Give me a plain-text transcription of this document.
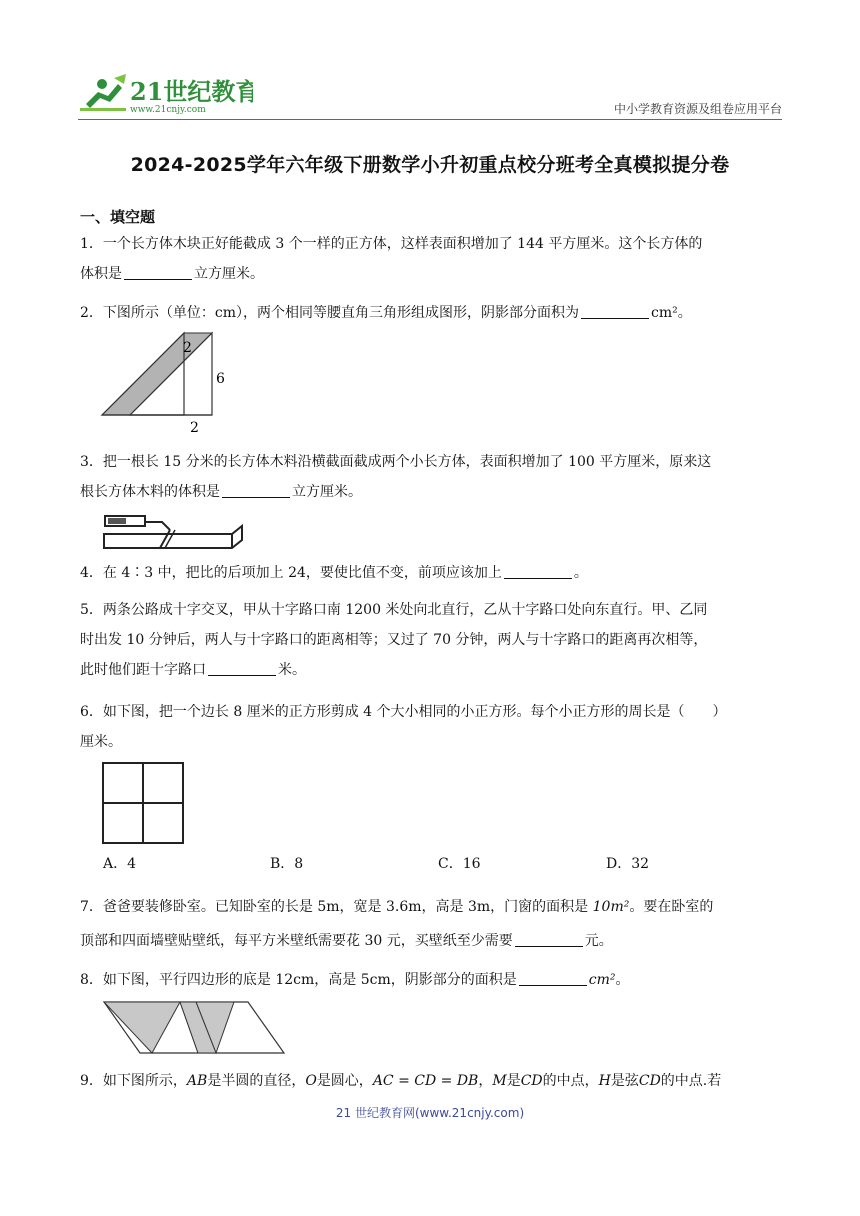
21世纪教育
www.21cnjy.com	中小学教育资源及组卷应用平台
2024-2025学年六年级下册数学小升初重点校分班考全真模拟提分卷
一、填空题
1．一个长方体木块正好能截成 3 个一样的正方体，这样表面积增加了 144 平方厘米。这个长方体的
体积是	立方厘米。
2．下图所示（单位：cm），两个相同等腰直角三角形组成图形，阴影部分面积为	cm²。
2
6
2
3．把一根长 15 分米的长方体木料沿横截面截成两个小长方体，表面积增加了 100 平方厘米，原来这
根长方体木料的体积是	立方厘米。
4．在 4∶3 中，把比的后项加上 24，要使比值不变，前项应该加上	。
5．两条公路成十字交叉，甲从十字路口南 1200 米处向北直行，乙从十字路口处向东直行。甲、乙同
时出发 10 分钟后，两人与十字路口的距离相等；又过了 70 分钟，两人与十字路口的距离再次相等，
此时他们距十字路口	米。
6．如下图，把一个边长 8 厘米的正方形剪成 4 个大小相同的小正方形。每个小正方形的周长是（　　）
厘米。
A．4	B．8	C．16	D．32
7．爸爸要装修卧室。已知卧室的长是 5m，宽是 3.6m，高是 3m，门窗的面积是 10m²。要在卧室的
顶部和四面墙壁贴壁纸，每平方米壁纸需要花 30 元，买壁纸至少需要	元。
8．如下图，平行四边形的底是 12cm，高是 5cm，阴影部分的面积是	cm²。
9．如下图所示，AB是半圆的直径，O是圆心，AC = CD = DB，M是CD的中点，H是弦CD的中点.若
21 世纪教育网(www.21cnjy.com)
